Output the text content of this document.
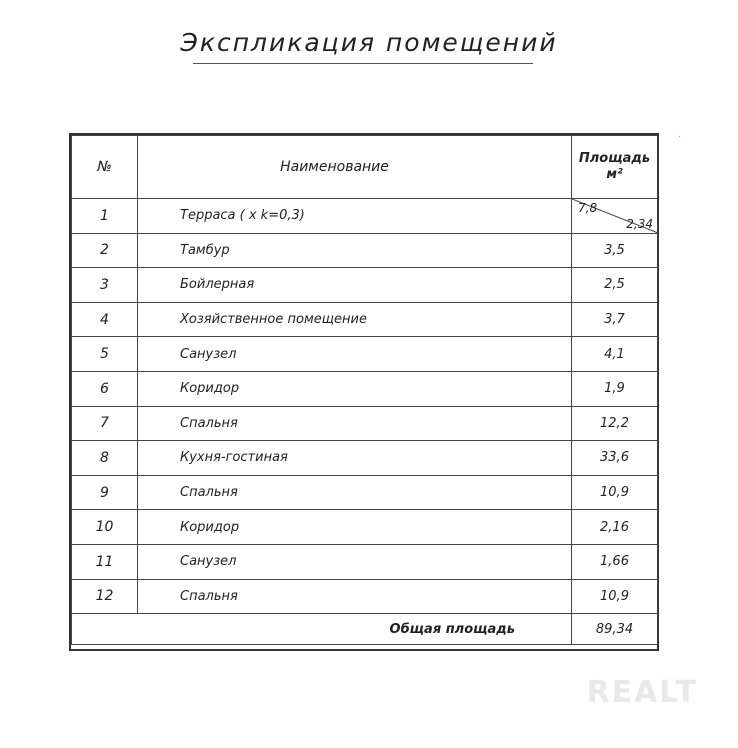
Экспликация помещений
·
№	Наименование	Площадь
м²

1	Терраса ( х k=0,3)	7,8
2,34

2	Тамбур	3,5
3	Бойлерная	2,5
4	Хозяйственное помещение	3,7
5	Санузел	4,1
6	Коридор	1,9
7	Спальня	12,2
8	Кухня-гостиная	33,6
9	Спальня	10,9
10	Коридор	2,16
11	Санузел	1,66
12	Спальня	10,9
Общая площадь		89,34
REALT
